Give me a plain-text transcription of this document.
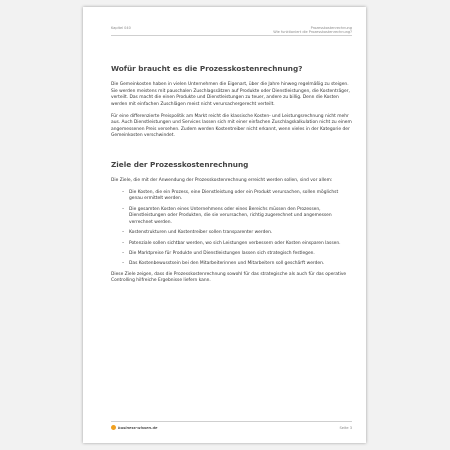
Kapitel 040	Prozesskostenrechnung
Wie funktioniert die Prozesskostenrechnung?
Wofür braucht es die Prozesskostenrechnung?

Die Gemeinkosten haben in vielen Unternehmen die Eigenart, über die Jahre hinweg regelmäßig zu steigen. Sie werden meistens mit pauschalen Zuschlagssätzen auf Produkte oder Dienstleistungen, die Kostenträger, verteilt. Das macht die einen Produkte und Dienstleistungen zu teuer, andere zu billig. Denn die Kosten werden mit einfachen Zuschlägen meist nicht verursachergerecht verteilt.

Für eine differenzierte Preispolitik am Markt reicht die klassische Kosten- und Leistungsrechnung nicht mehr aus. Auch Dienstleistungen und Services lassen sich mit einer einfachen Zuschlagskalkulation nicht zu einem angemessenen Preis versehen. Zudem werden Kostentreiber nicht erkannt, wenn vieles in der Kategorie der Gemeinkosten verschwindet.

Ziele der Prozesskostenrechnung

Die Ziele, die mit der Anwendung der Prozesskostenrechnung erreicht werden sollen, sind vor allem:

– Die Kosten, die ein Prozess, eine Dienstleistung oder ein Produkt verursachen, sollen möglichst genau ermittelt werden.
– Die gesamten Kosten eines Unternehmens oder eines Bereichs müssen den Prozessen, Dienstleistungen oder Produkten, die sie verursachen, richtig zugerechnet und angemessen verrechnet werden.
– Kostenstrukturen und Kostentreiber sollen transparenter werden.
– Potenziale sollen sichtbar werden, wo sich Leistungen verbessern oder Kosten einsparen lassen.
– Die Marktpreise für Produkte und Dienstleistungen lassen sich strategisch festlegen.
– Das Kostenbewusstsein bei den Mitarbeiterinnen und Mitarbeitern soll geschärft werden.

Diese Ziele zeigen, dass die Prozesskostenrechnung sowohl für das strategische als auch für das operative Controlling hilfreiche Ergebnisse liefern kann.

business-wissen.de	Seite 3
